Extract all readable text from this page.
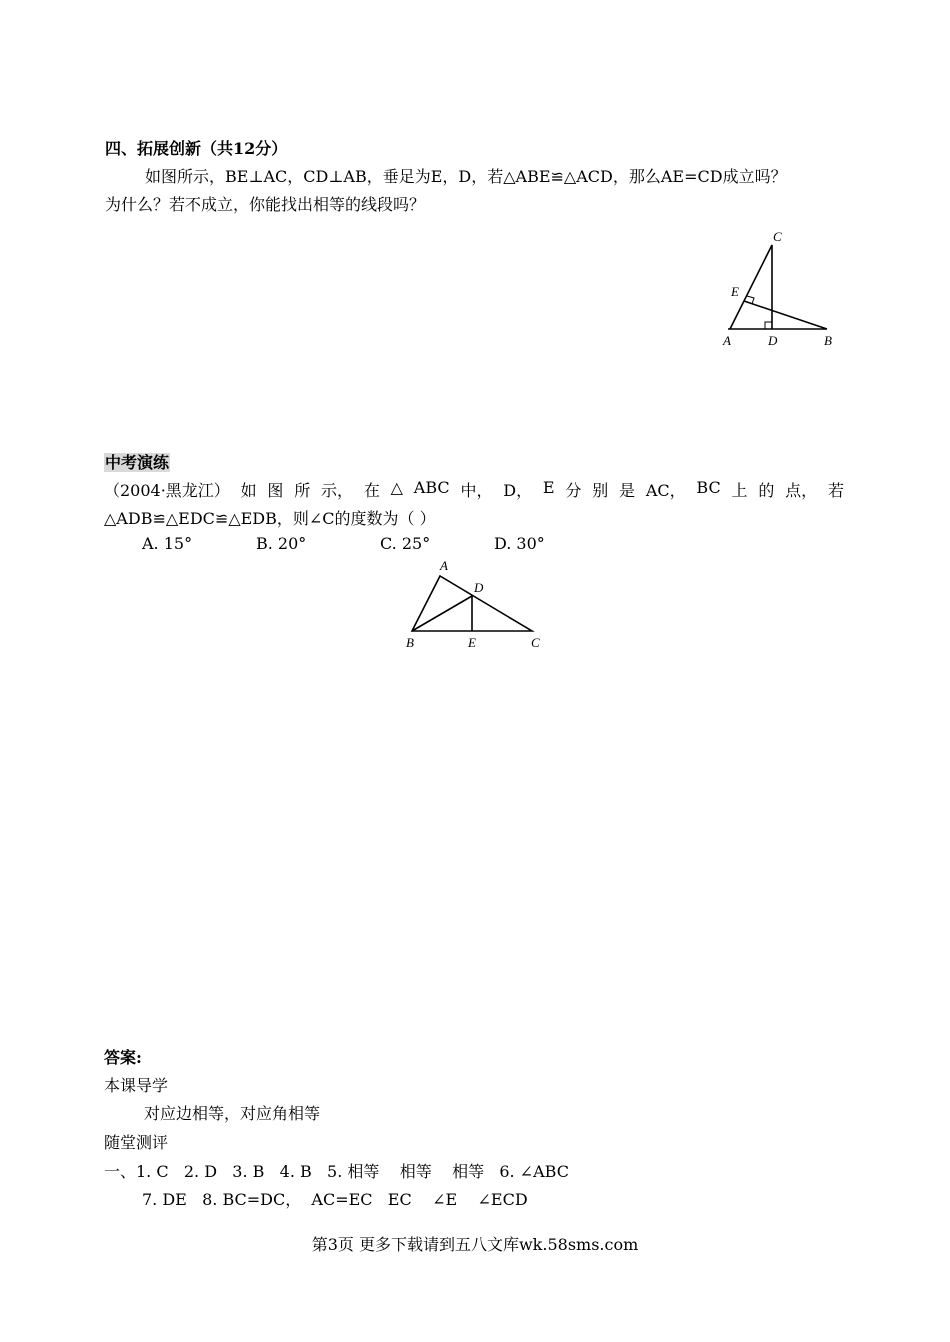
四、拓展创新（共12分）
如图所示，BE⊥AC，CD⊥AB，垂足为E，D，若△ABE≌△ACD，那么AE=CD成立吗？
为什么？若不成立，你能找出相等的线段吗？
C
E
A	D	B
中考演练
（2004·黑龙江） 如 图 所 示， 在 △ ABC 中， D， E 分 别 是 AC， BC 上 的 点， 若
△ADB≌△EDC≌△EDB，则∠C的度数为（ ）
A. 15°	B. 20°	C. 25°	D. 30°
A
D
B	E	C
答案:
本课导学
对应边相等，对应角相等
随堂测评
一、1. C   2. D   3. B   4. B   5. 相等    相等    相等   6. ∠ABC
7. DE   8. BC=DC，  AC=EC   EC    ∠E    ∠ECD
第3页 更多下载请到五八文库wk.58sms.com
